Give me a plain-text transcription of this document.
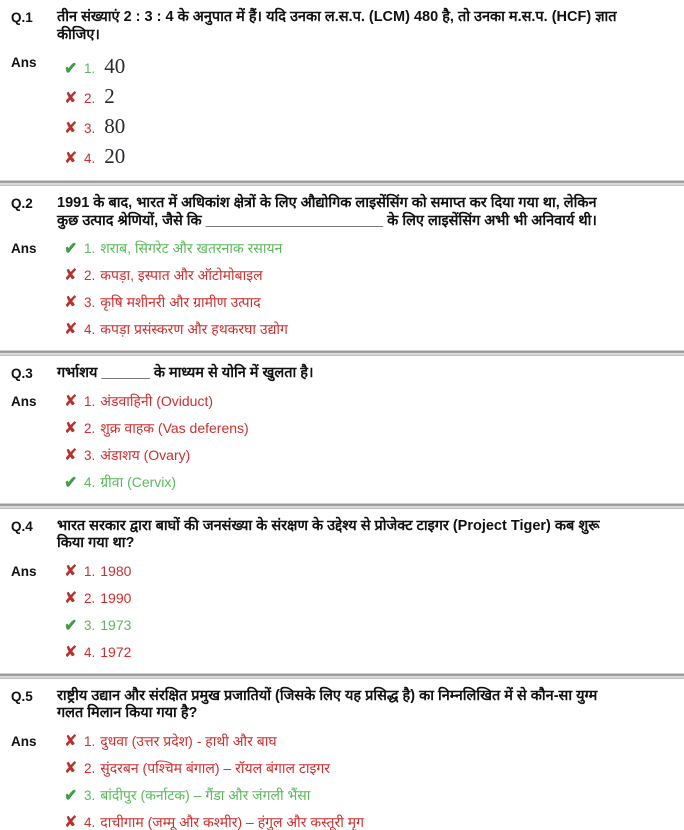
Q.1	तीन संख्याएं 2 : 3 : 4 के अनुपात में हैं। यदि उनका ल.स.प. (LCM) 480 है, तो उनका म.स.प. (HCF) ज्ञात कीजिए।
Ans	✔ 1. 40
✘ 2. 2
✘ 3. 80
✘ 4. 20
Q.2	1991 के बाद, भारत में अधिकांश क्षेत्रों के लिए औद्योगिक लाइसेंसिंग को समाप्त कर दिया गया था, लेकिन कुछ उत्पाद श्रेणियों, जैसे कि ______________________ के लिए लाइसेंसिंग अभी भी अनिवार्य थी।
Ans	✔ 1. शराब, सिगरेट और खतरनाक रसायन
✘ 2. कपड़ा, इस्पात और ऑटोमोबाइल
✘ 3. कृषि मशीनरी और ग्रामीण उत्पाद
✘ 4. कपड़ा प्रसंस्करण और हथकरघा उद्योग
Q.3	गर्भाशय ______ के माध्यम से योनि में खुलता है।
Ans	✘ 1. अंडवाहिनी (Oviduct)
✘ 2. शुक्र वाहक (Vas deferens)
✘ 3. अंडाशय (Ovary)
✔ 4. ग्रीवा (Cervix)
Q.4	भारत सरकार द्वारा बाघों की जनसंख्या के संरक्षण के उद्देश्य से प्रोजेक्ट टाइगर (Project Tiger) कब शुरू किया गया था?
Ans	✘ 1. 1980
✘ 2. 1990
✔ 3. 1973
✘ 4. 1972
Q.5	राष्ट्रीय उद्यान और संरक्षित प्रमुख प्रजातियों (जिसके लिए यह प्रसिद्ध है) का निम्नलिखित में से कौन-सा युग्म गलत मिलान किया गया है?
Ans	✘ 1. दुधवा (उत्तर प्रदेश) - हाथी और बाघ
✘ 2. सुंदरबन (पश्चिम बंगाल) – रॉयल बंगाल टाइगर
✔ 3. बांदीपुर (कर्नाटक) – गैंडा और जंगली भैंसा
✘ 4. दाचीगाम (जम्मू और कश्मीर) – हंगुल और कस्तूरी मृग
